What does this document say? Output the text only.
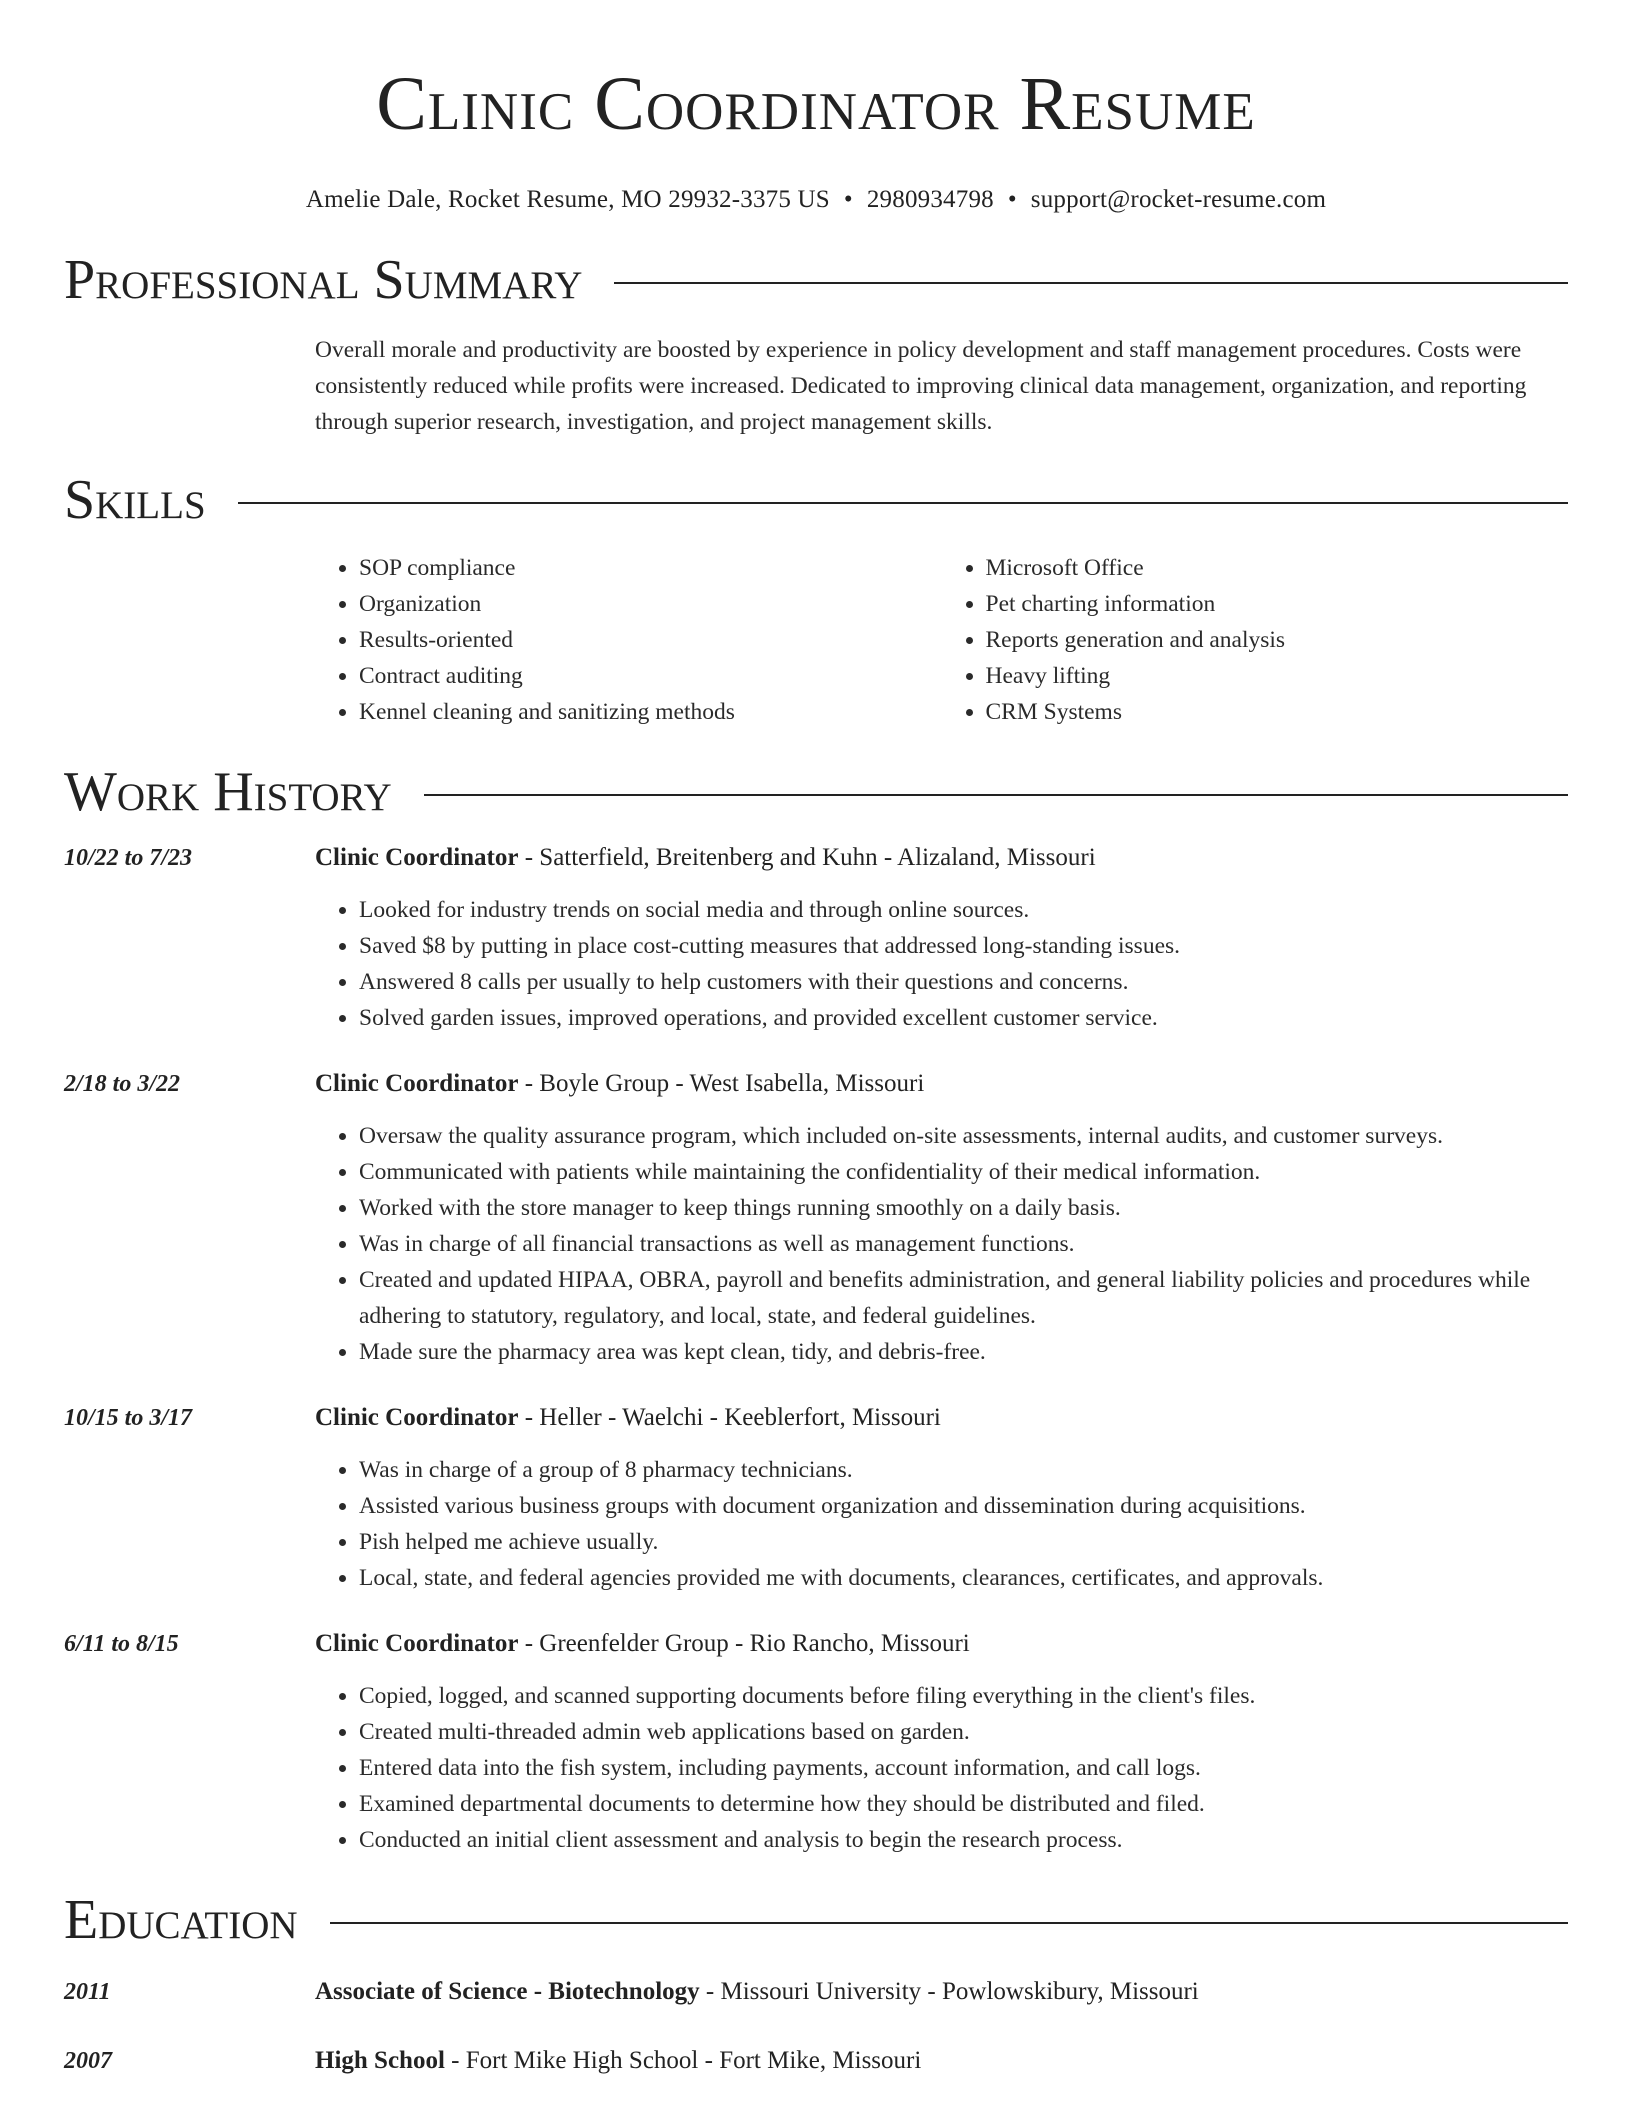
Clinic Coordinator Resume
Amelie Dale, Rocket Resume, MO 29932-3375 US • 2980934798 • support@rocket-resume.com
Professional Summary

Overall morale and productivity are boosted by experience in policy development and staff management procedures. Costs were consistently reduced while profits were increased. Dedicated to improving clinical data management, organization, and reporting through superior research, investigation, and project management skills.

Skills
• SOP compliance
• Organization
• Results-oriented
• Contract auditing
• Kennel cleaning and sanitizing methods
• Microsoft Office
• Pet charting information
• Reports generation and analysis
• Heavy lifting
• CRM Systems
Work History
10/22 to 7/23	Clinic Coordinator - Satterfield, Breitenberg and Kuhn - Alizaland, Missouri
• Looked for industry trends on social media and through online sources.
• Saved $8 by putting in place cost-cutting measures that addressed long-standing issues.
• Answered 8 calls per usually to help customers with their questions and concerns.
• Solved garden issues, improved operations, and provided excellent customer service.
2/18 to 3/22	Clinic Coordinator - Boyle Group - West Isabella, Missouri
• Oversaw the quality assurance program, which included on-site assessments, internal audits, and customer surveys.
• Communicated with patients while maintaining the confidentiality of their medical information.
• Worked with the store manager to keep things running smoothly on a daily basis.
• Was in charge of all financial transactions as well as management functions.
• Created and updated HIPAA, OBRA, payroll and benefits administration, and general liability policies and procedures while adhering to statutory, regulatory, and local, state, and federal guidelines.
• Made sure the pharmacy area was kept clean, tidy, and debris-free.
10/15 to 3/17	Clinic Coordinator - Heller - Waelchi - Keeblerfort, Missouri
• Was in charge of a group of 8 pharmacy technicians.
• Assisted various business groups with document organization and dissemination during acquisitions.
• Pish helped me achieve usually.
• Local, state, and federal agencies provided me with documents, clearances, certificates, and approvals.
6/11 to 8/15	Clinic Coordinator - Greenfelder Group - Rio Rancho, Missouri
• Copied, logged, and scanned supporting documents before filing everything in the client's files.
• Created multi-threaded admin web applications based on garden.
• Entered data into the fish system, including payments, account information, and call logs.
• Examined departmental documents to determine how they should be distributed and filed.
• Conducted an initial client assessment and analysis to begin the research process.
Education
2011	Associate of Science - Biotechnology - Missouri University - Powlowskibury, Missouri
2007	High School - Fort Mike High School - Fort Mike, Missouri
